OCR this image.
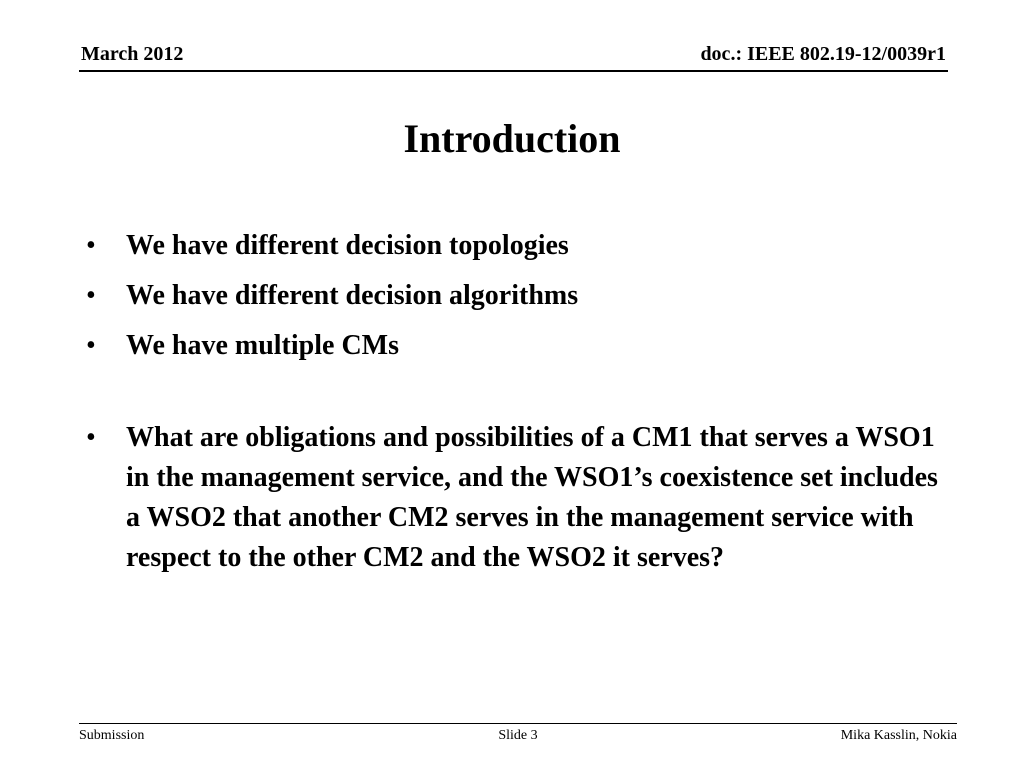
March 2012	doc.: IEEE 802.19-12/0039r1
Introduction
• We have different decision topologies
• We have different decision algorithms
• We have multiple CMs
• What are obligations and possibilities of a CM1 that serves a WSO1 in the management service, and the WSO1’s coexistence set includes a WSO2 that another CM2 serves in the management service with respect to the other CM2 and the WSO2 it serves?
Submission	Slide 3	Mika Kasslin, Nokia
